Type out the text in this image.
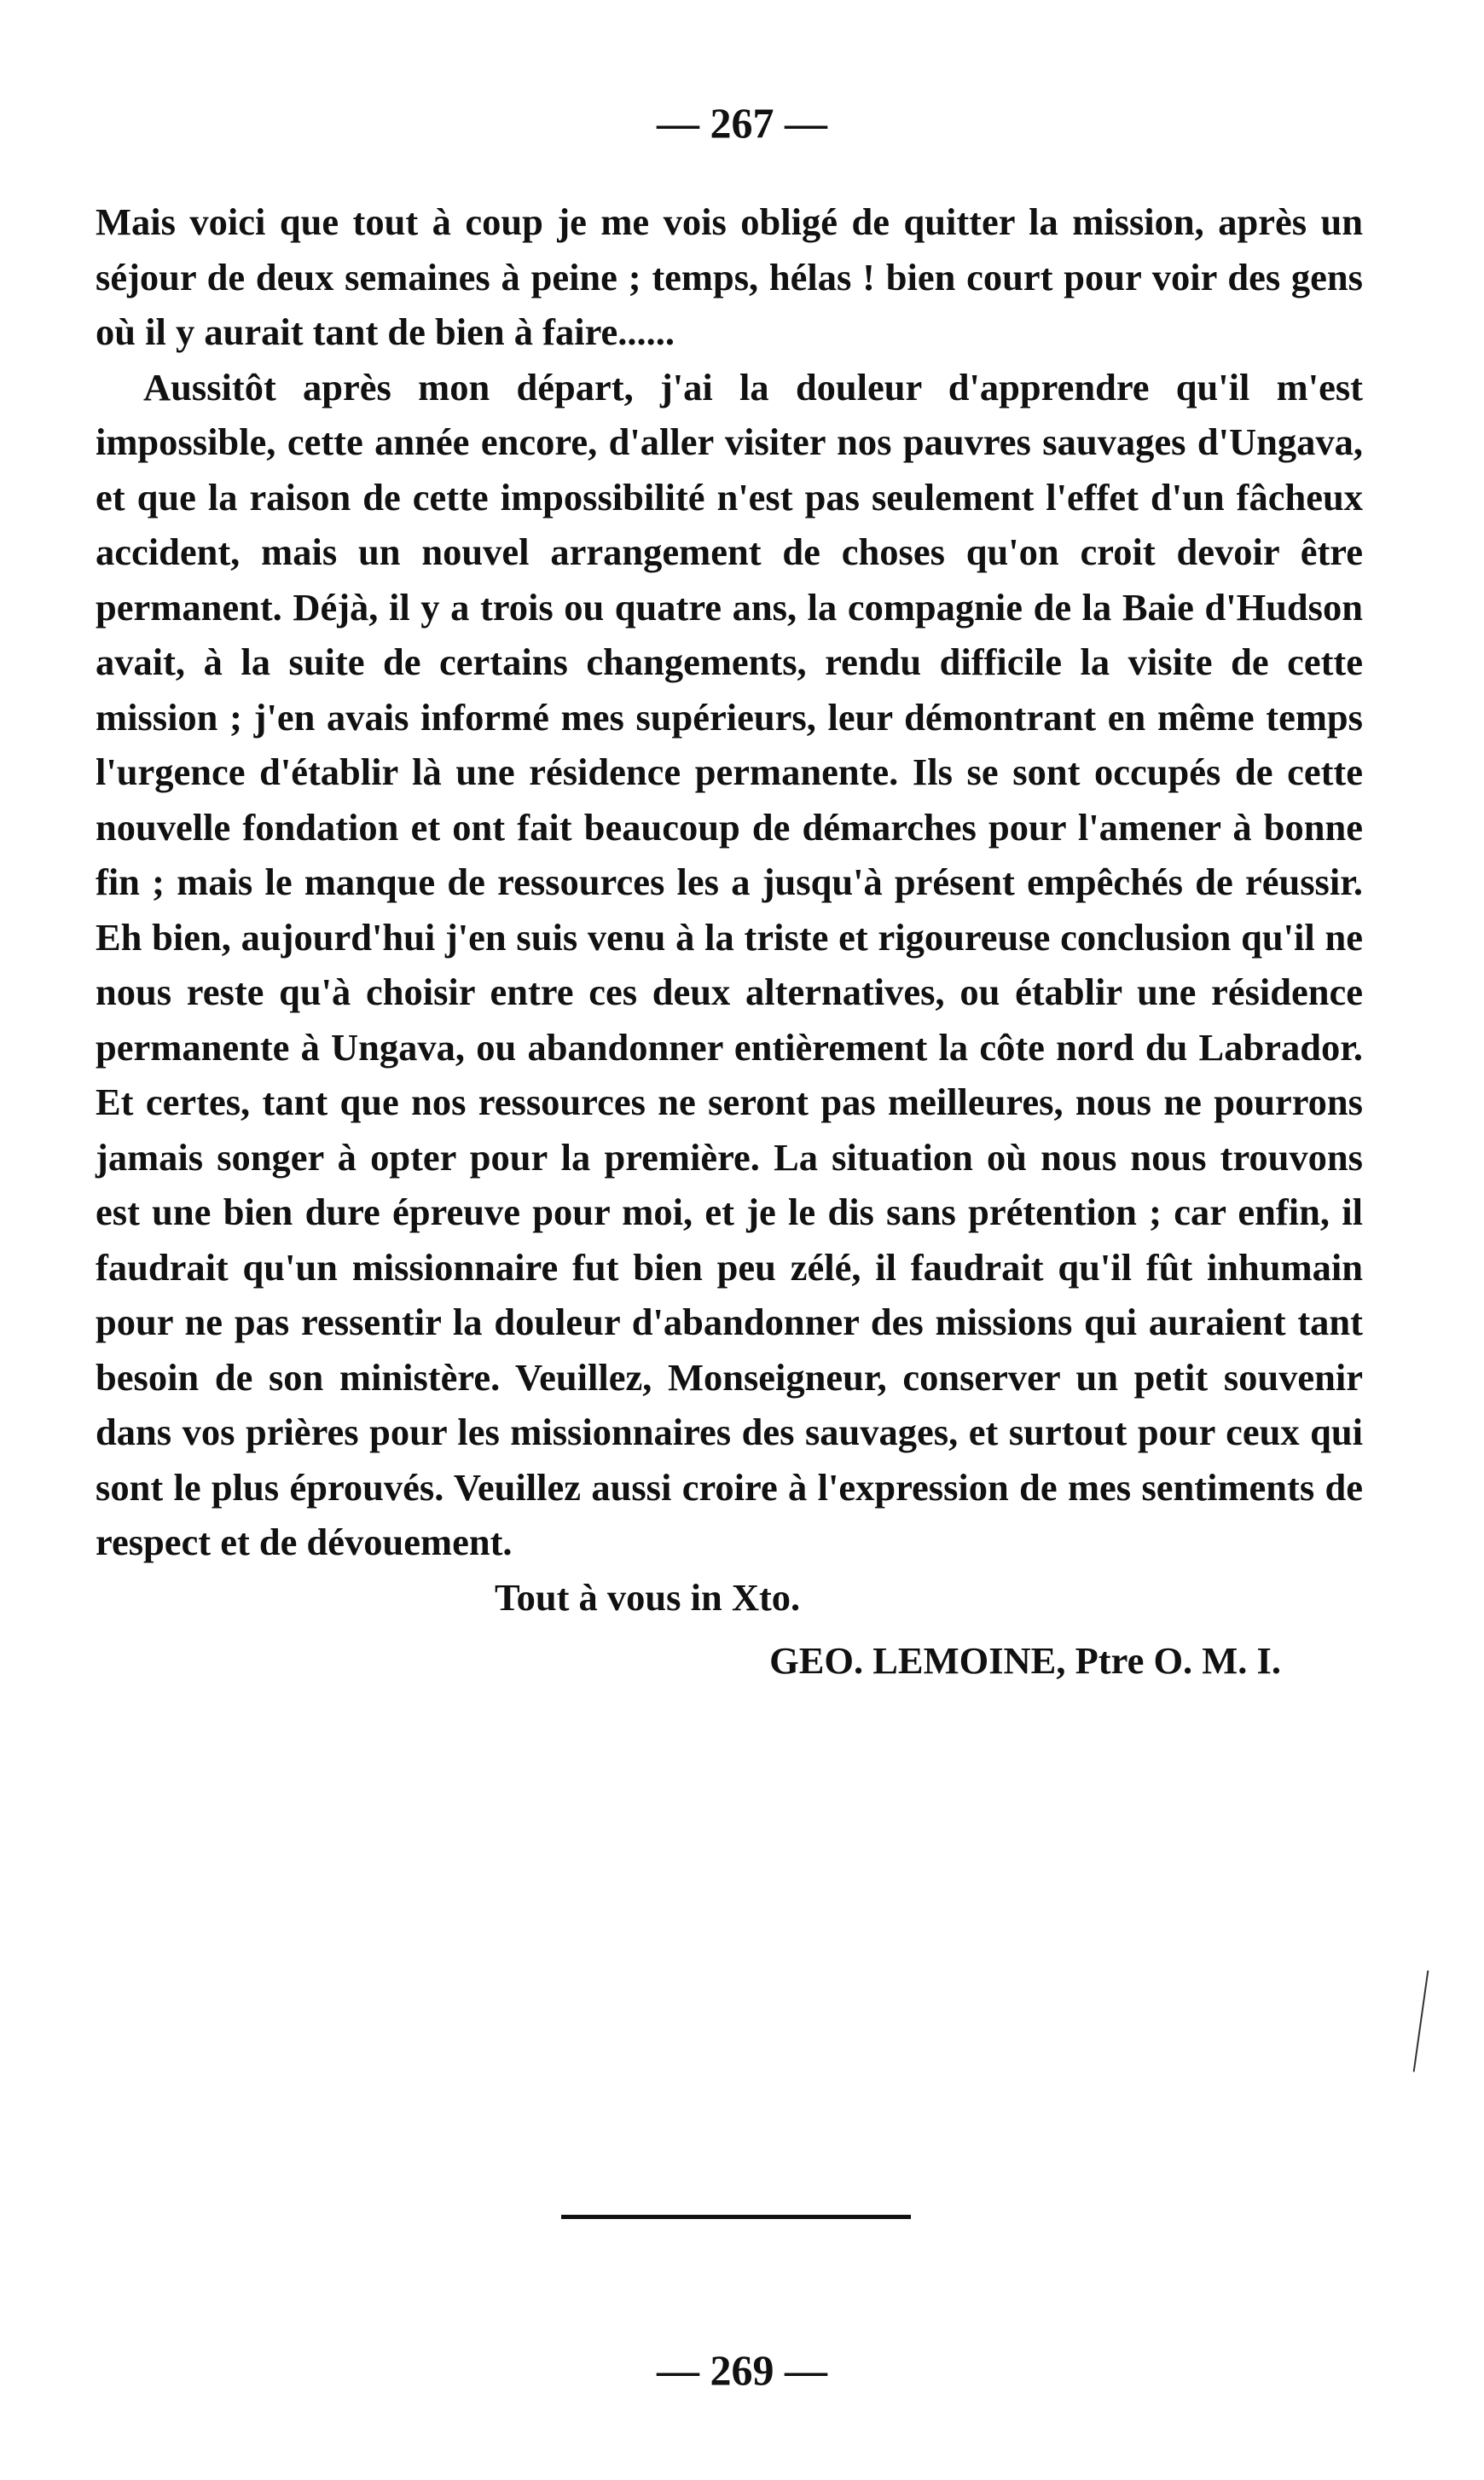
— 267 —

Mais voici que tout à coup je me vois obligé de quitter la mission, après un séjour de deux semaines à peine ; temps, hélas ! bien court pour voir des gens où il y aurait tant de bien à faire......

Aussitôt après mon départ, j'ai la douleur d'apprendre qu'il m'est impossible, cette année encore, d'aller visiter nos pauvres sauvages d'Ungava, et que la raison de cette impossibilité n'est pas seulement l'effet d'un fâcheux accident, mais un nouvel arrangement de choses qu'on croit devoir être permanent. Déjà, il y a trois ou quatre ans, la compagnie de la Baie d'Hudson avait, à la suite de certains changements, rendu difficile la visite de cette mission ; j'en avais informé mes supérieurs, leur démontrant en même temps l'urgence d'établir là une résidence permanente. Ils se sont occupés de cette nouvelle fondation et ont fait beaucoup de démarches pour l'amener à bonne fin ; mais le manque de ressources les a jusqu'à présent empêchés de réussir. Eh bien, aujourd'hui j'en suis venu à la triste et rigoureuse conclusion qu'il ne nous reste qu'à choisir entre ces deux alternatives, ou établir une résidence permanente à Ungava, ou abandonner entièrement la côte nord du Labrador. Et certes, tant que nos ressources ne seront pas meilleures, nous ne pourrons jamais songer à opter pour la première. La situation où nous nous trouvons est une bien dure épreuve pour moi, et je le dis sans prétention ; car enfin, il faudrait qu'un missionnaire fut bien peu zélé, il faudrait qu'il fût inhumain pour ne pas ressentir la douleur d'abandonner des missions qui auraient tant besoin de son ministère. Veuillez, Monseigneur, conserver un petit souvenir dans vos prières pour les missionnaires des sauvages, et surtout pour ceux qui sont le plus éprouvés. Veuillez aussi croire à l'expression de mes sentiments de respect et de dévouement.

Tout à vous in Xto.

GEO. LEMOINE, Ptre O. M. I.

— 269 —
